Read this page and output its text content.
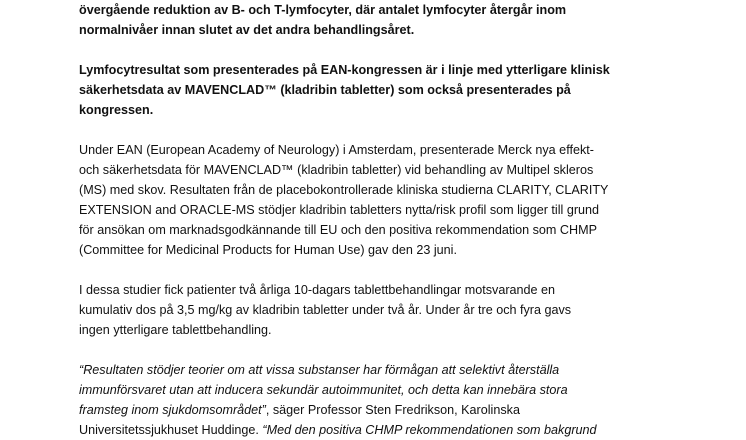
övergående reduktion av B- och T-lymfocyter, där antalet lymfocyter återgår inom
normalnivåer innan slutet av det andra behandlingsåret.

Lymfocytresultat som presenterades på EAN-kongressen är i linje med ytterligare klinisk
säkerhetsdata av MAVENCLAD™ (kladribin tabletter) som också presenterades på
kongressen.

Under EAN (European Academy of Neurology) i Amsterdam, presenterade Merck nya effekt-
och säkerhetsdata för MAVENCLAD™ (kladribin tabletter) vid behandling av Multipel skleros
(MS) med skov. Resultaten från de placebokontrollerade kliniska studierna CLARITY, CLARITY
EXTENSION and ORACLE-MS stödjer kladribin tabletters nytta/risk profil som ligger till grund
för ansökan om marknadsgodkännande till EU och den positiva rekommendation som CHMP
(Committee for Medicinal Products for Human Use) gav den 23 juni.

I dessa studier fick patienter två årliga 10-dagars tablettbehandlingar motsvarande en
kumulativ dos på 3,5 mg/kg av kladribin tabletter under två år. Under år tre och fyra gavs
ingen ytterligare tablettbehandling.

“Resultaten stödjer teorier om att vissa substanser har förmågan att selektivt återställa
immunförsvaret utan att inducera sekundär autoimmunitet, och detta kan innebära stora
framsteg inom sjukdomsområdet”, säger Professor Sten Fredrikson, Karolinska
Universitetssjukhuset Huddinge. “Med den positiva CHMP rekommendationen som bakgrund
